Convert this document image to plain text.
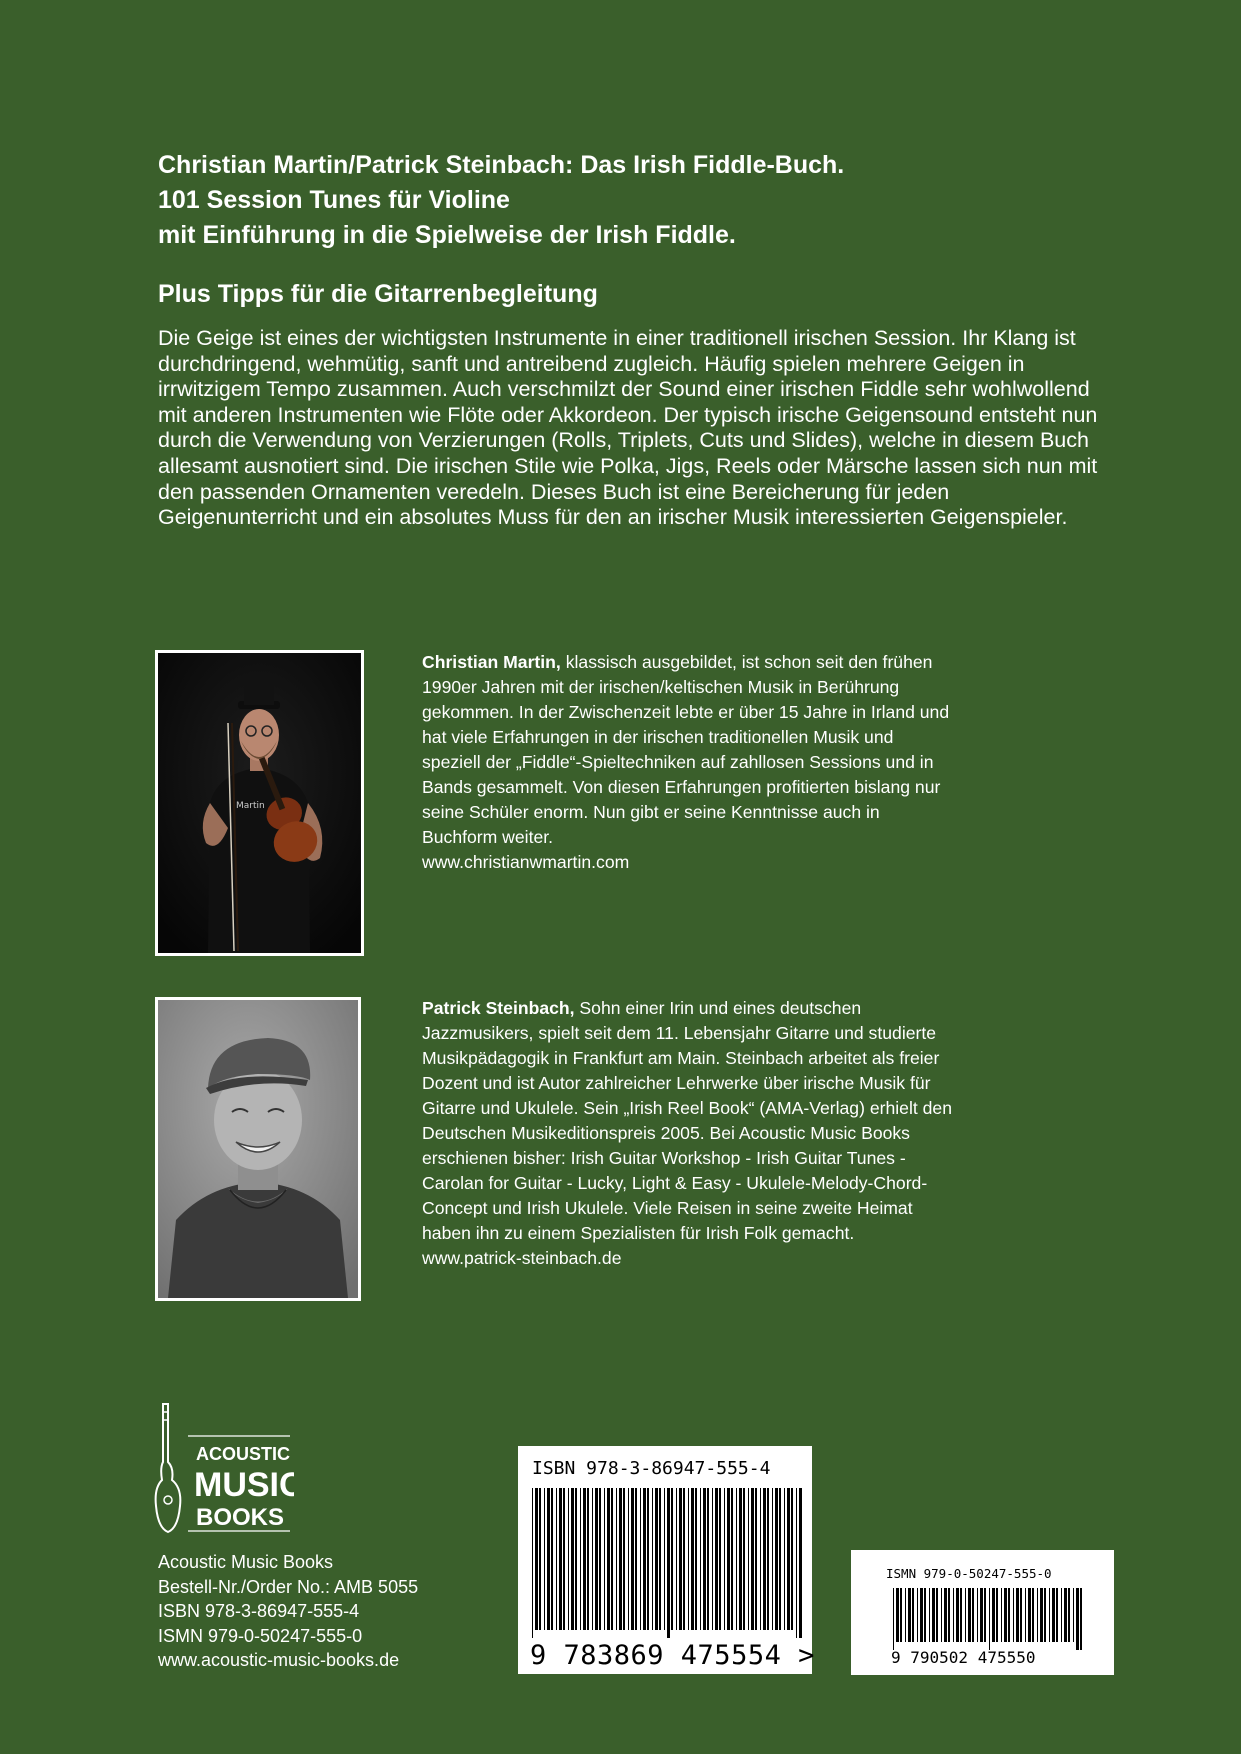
Christian Martin/Patrick Steinbach: Das Irish Fiddle-Buch.
101 Session Tunes für Violine
mit Einführung in die Spielweise der Irish Fiddle.
Plus Tipps für die Gitarrenbegleitung
Die Geige ist eines der wichtigsten Instrumente in einer traditionell irischen Session. Ihr Klang ist durchdringend, wehmütig, sanft und antreibend zugleich. Häufig spielen mehrere Geigen in irrwitzigem Tempo zusammen. Auch verschmilzt der Sound einer irischen Fiddle sehr wohlwollend mit anderen Instrumenten wie Flöte oder Akkordeon. Der typisch irische Geigensound entsteht nun durch die Verwendung von Verzierungen (Rolls, Triplets, Cuts und Slides), welche in diesem Buch allesamt ausnotiert sind. Die irischen Stile wie Polka, Jigs, Reels oder Märsche lassen sich nun mit den passenden Ornamenten veredeln. Dieses Buch ist eine Bereicherung für jeden Geigenunterricht und ein absolutes Muss für den an irischer Musik interessierten Geigenspieler.
Martin
Christian Martin, klassisch ausgebildet, ist schon seit den frühen 1990er Jahren mit der irischen/keltischen Musik in Berührung gekommen. In der Zwischenzeit lebte er über 15 Jahre in Irland und hat viele Erfahrungen in der irischen traditionellen Musik und speziell der „Fiddle“-Spieltechniken auf zahllosen Sessions und in Bands gesammelt. Von diesen Erfahrungen profitierten bislang nur seine Schüler enorm. Nun gibt er seine Kenntnisse auch in Buchform weiter.
www.christianwmartin.com
Patrick Steinbach, Sohn einer Irin und eines deutschen Jazzmusikers, spielt seit dem 11. Lebensjahr Gitarre und studierte Musikpädagogik in Frankfurt am Main. Steinbach arbeitet als freier Dozent und ist Autor zahlreicher Lehrwerke über irische Musik für Gitarre und Ukulele. Sein „Irish Reel Book“ (AMA-Verlag) erhielt den Deutschen Musikeditionspreis 2005. Bei Acoustic Music Books erschienen bisher: Irish Guitar Workshop - Irish Guitar Tunes - Carolan for Guitar - Lucky, Light & Easy - Ukulele-Melody-Chord-Concept und Irish Ukulele. Viele Reisen in seine zweite Heimat haben ihn zu einem Spezialisten für Irish Folk gemacht.
www.patrick-steinbach.de
ACOUSTIC
MUSIC
BOOKS
Acoustic Music Books
Bestell-Nr./Order No.: AMB 5055
ISBN 978-3-86947-555-4
ISMN 979-0-50247-555-0
www.acoustic-music-books.de
ISBN 978-3-86947-555-4
9 783869 475554 >
ISMN 979-0-50247-555-0
9 790502 475550
